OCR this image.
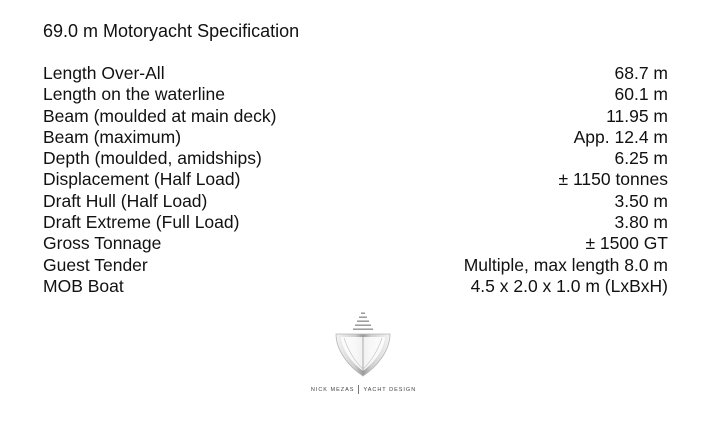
69.0 m Motoryacht Specification
Length Over-All	68.7 m
Length on the waterline	60.1 m
Beam (moulded at main deck)	11.95 m
Beam (maximum)	App. 12.4 m
Depth (moulded, amidships)	6.25 m
Displacement (Half Load)	± 1150 tonnes
Draft Hull (Half Load)	3.50 m
Draft Extreme (Full Load)	3.80 m
Gross Tonnage	± 1500 GT
Guest Tender	Multiple, max length 8.0 m
MOB Boat	4.5 x 2.0 x 1.0 m (LxBxH)
NICK MEZAS YACHT DESIGN
